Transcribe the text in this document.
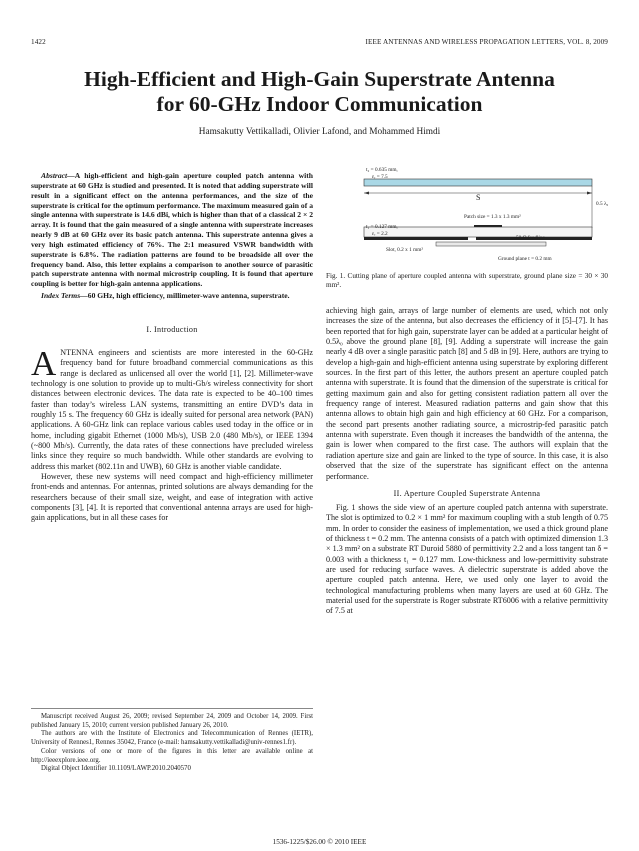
1422	IEEE ANTENNAS AND WIRELESS PROPAGATION LETTERS, VOL. 8, 2009
High-Efficient and High-Gain Superstrate Antenna
for 60-GHz Indoor Communication
Hamsakutty Vettikalladi, Olivier Lafond, and Mohammed Himdi

Abstract—A high-efficient and high-gain aperture coupled patch antenna with superstrate at 60 GHz is studied and presented. It is noted that adding superstrate will result in a significant effect on the antenna performances, and the size of the superstrate is critical for the optimum performance. The maximum measured gain of a single antenna with superstrate is 14.6 dBi, which is higher than that of a classical 2 × 2 array. It is found that the gain measured of a single antenna with superstrate increases nearly 9 dB at 60 GHz over its basic patch antenna. This superstrate antenna gives a very high estimated efficiency of 76%. The 2:1 measured VSWR bandwidth with superstrate is 6.8%. The radiation patterns are found to be broadside all over the frequency band. Also, this letter explains a comparison to another source of parasitic patch superstrate antenna with normal microstrip coupling. It is found that aperture coupling is better for high-gain antenna applications.

Index Terms—60 GHz, high efficiency, millimeter-wave antenna, superstrate.

I. Introduction

ANTENNA engineers and scientists are more interested in the 60-GHz frequency band for future broadband commercial communications as this range is declared as unlicensed all over the world [1], [2]. Millimeter-wave technology is one solution to provide up to multi-Gb/s wireless connectivity for short distances between electronic devices. The data rate is expected to be 40–100 times faster than today’s wireless LAN systems, transmitting an entire DVD’s data in roughly 15 s. The frequency 60 GHz is ideally suited for personal area network (PAN) applications. A 60-GHz link can replace various cables used today in the office or in home, including gigabit Ethernet (1000 Mb/s), USB 2.0 (480 Mb/s), or IEEE 1394 (~800 Mb/s). Currently, the data rates of these connections have precluded wireless links since they require so much bandwidth. While other standards are evolving to address this market (802.11n and UWB), 60 GHz is another viable candidate.

However, these new systems will need compact and high-efficiency millimeter front-ends and antennas. For antennas, printed solutions are always demanding for the researchers because of their small size, weight, and ease of integration with active components [3], [4]. It is reported that conventional antenna arrays are used for high-gain applications, but in all these cases for

Manuscript received August 26, 2009; revised September 24, 2009 and October 14, 2009. First published January 15, 2010; current version published January 26, 2010.

The authors are with the Institute of Electronics and Telecommunication of Rennes (IETR), University of Rennes1, Rennes 35042, France (e-mail: hamsakutty.vettikalladi@univ-rennes1.fr).

Color versions of one or more of the figures in this letter are available online at http://ieeexplore.ieee.org.

Digital Object Identifier 10.1109/LAWP.2010.2040570

S
0.5 λ₀
t₂ = 0.635 mm,
εᵣ = 7.5
Patch size = 1.3 x 1.3 mm²
t₁ = 0.127 mm,
εᵣ = 2.2
50 Ω feedline
Slot, 0.2 x 1 mm²
Ground plane t = 0.2 mm
Fig. 1. Cutting plane of aperture coupled antenna with superstrate, ground plane size = 30 × 30 mm².

achieving high gain, arrays of large number of elements are used, which not only increases the size of the antenna, but also decreases the efficiency of it [5]–[7]. It has been reported that for high gain, superstrate layer can be added at a particular height of 0.5λ₀ above the ground plane [8], [9]. Adding a superstrate will increase the gain nearly 4 dB over a single parasitic patch [8] and 5 dB in [9]. Here, authors are trying to develop a high-gain and high-efficient antenna using superstrate by exploring different sources. In the first part of this letter, the authors present an aperture coupled patch antenna with superstrate. It is found that the dimension of the superstrate is critical for getting maximum gain and also for getting consistent radiation pattern all over the frequency range of interest. Measured radiation patterns and gain show that this antenna allows to obtain high gain and high efficiency at 60 GHz. For a comparison, the second part presents another radiating source, a microstrip-fed parasitic patch antenna with superstrate. Even though it increases the bandwidth of the antenna, the gain is lower when compared to the first case. The authors will explain that the radiation aperture size and gain are linked to the type of source. In this case, it is also observed that the size of the superstrate has significant effect on the antenna performance.

II. Aperture Coupled Superstrate Antenna

Fig. 1 shows the side view of an aperture coupled patch antenna with superstrate. The slot is optimized to 0.2 × 1 mm² for maximum coupling with a stub length of 0.75 mm. In order to consider the easiness of implementation, we used a thick ground plane of thickness t = 0.2 mm. The antenna consists of a patch with optimized dimension 1.3 × 1.3 mm² on a substrate RT Duroid 5880 of permittivity 2.2 and a loss tangent tan δ = 0.003 with a thickness t₁ = 0.127 mm. Low-thickness and low-permittivity substrate are used for reducing surface waves. A dielectric superstrate is added above the aperture coupled patch antenna. Here, we used only one layer to avoid the technological manufacturing problems when many layers are used at 60 GHz. The material used for the superstrate is Roger substrate RT6006 with a relative permittivity of 7.5 at

1536-1225/$26.00 © 2010 IEEE
